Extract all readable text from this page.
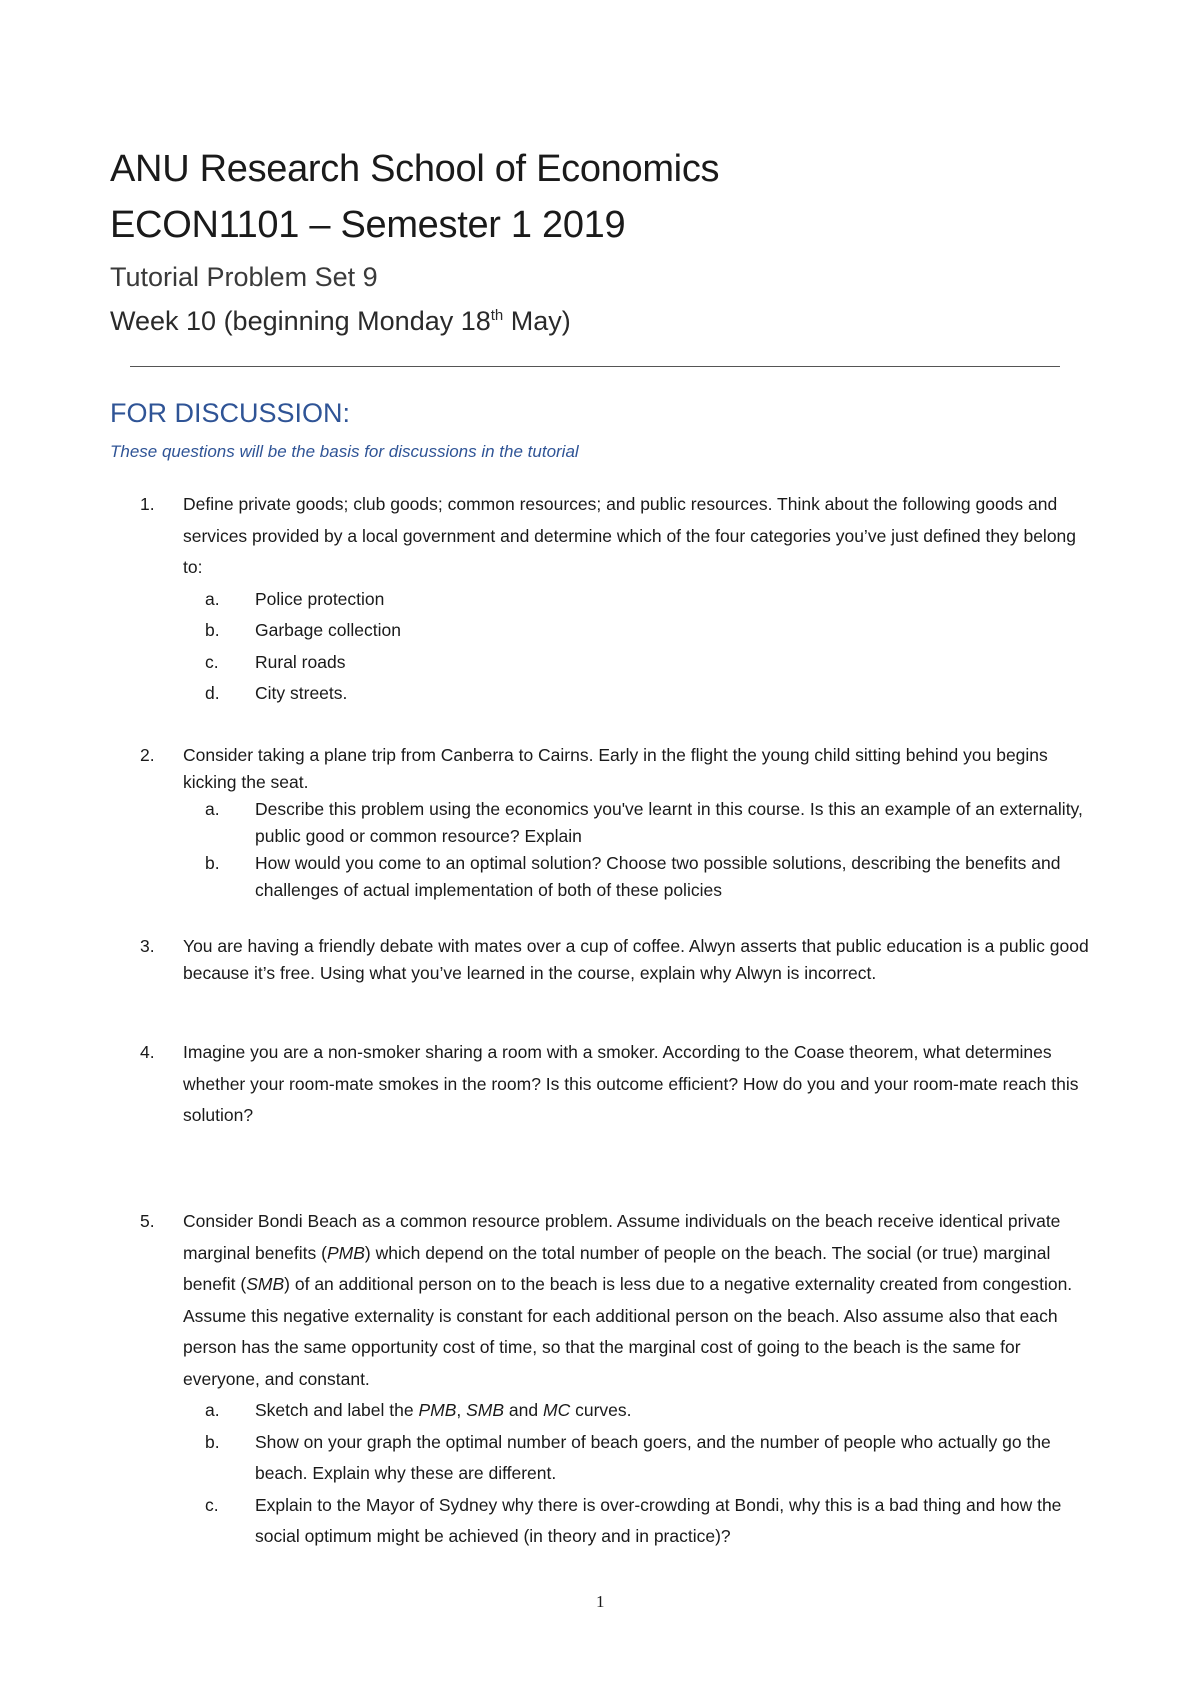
ANU Research School of Economics
ECON1101 – Semester 1 2019
Tutorial Problem Set 9
Week 10 (beginning Monday 18th May)
FOR DISCUSSION:

These questions will be the basis for discussions in the tutorial

1. Define private goods; club goods; common resources; and public resources. Think about the following goods and services provided by a local government and determine which of the four categories you’ve just defined they belong to:

a. Police protection
b. Garbage collection
c. Rural roads
d. City streets.
2. Consider taking a plane trip from Canberra to Cairns. Early in the flight the young child sitting behind you begins kicking the seat.

a. Describe this problem using the economics you've learnt in this course. Is this an example of an externality, public good or common resource? Explain
b. How would you come to an optimal solution? Choose two possible solutions, describing the benefits and challenges of actual implementation of both of these policies
3. You are having a friendly debate with mates over a cup of coffee. Alwyn asserts that public education is a public good because it’s free. Using what you’ve learned in the course, explain why Alwyn is incorrect.

4. Imagine you are a non-smoker sharing a room with a smoker. According to the Coase theorem, what determines whether your room-mate smokes in the room? Is this outcome efficient? How do you and your room-mate reach this solution?

5. Consider Bondi Beach as a common resource problem. Assume individuals on the beach receive identical private marginal benefits (PMB) which depend on the total number of people on the beach. The social (or true) marginal benefit (SMB) of an additional person on to the beach is less due to a negative externality created from congestion. Assume this negative externality is constant for each additional person on the beach. Also assume also that each person has the same opportunity cost of time, so that the marginal cost of going to the beach is the same for everyone, and constant.

a. Sketch and label the PMB, SMB and MC curves.
b. Show on your graph the optimal number of beach goers, and the number of people who actually go the beach. Explain why these are different.
c. Explain to the Mayor of Sydney why there is over-crowding at Bondi, why this is a bad thing and how the social optimum might be achieved (in theory and in practice)?
1
